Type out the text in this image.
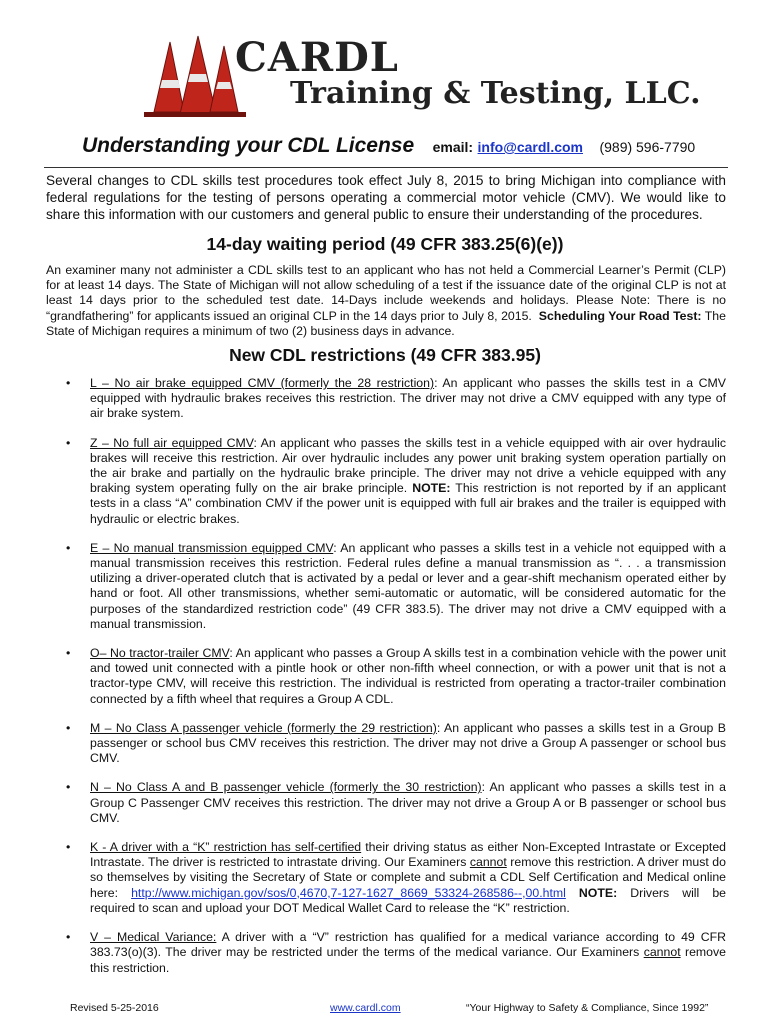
CARDL
Training & Testing, LLC.
Understanding your CDL License email: info@cardl.com (989) 596-7790

Several changes to CDL skills test procedures took effect July 8, 2015 to bring Michigan into compliance with federal regulations for the testing of persons operating a commercial motor vehicle (CMV). We would like to share this information with our customers and general public to ensure their understanding of the procedures.

14-day waiting period (49 CFR 383.25(6)(e))

An examiner many not administer a CDL skills test to an applicant who has not held a Commercial Learner’s Permit (CLP) for at least 14 days. The State of Michigan will not allow scheduling of a test if the issuance date of the original CLP is not at least 14 days prior to the scheduled test date. 14-Days include weekends and holidays. Please Note: There is no “grandfathering” for applicants issued an original CLP in the 14 days prior to July 8, 2015. Scheduling Your Road Test: The State of Michigan requires a minimum of two (2) business days in advance.

New CDL restrictions (49 CFR 383.95)
• L – No air brake equipped CMV (formerly the 28 restriction): An applicant who passes the skills test in a CMV equipped with hydraulic brakes receives this restriction. The driver may not drive a CMV equipped with any type of air brake system.
• Z – No full air equipped CMV: An applicant who passes the skills test in a vehicle equipped with air over hydraulic brakes will receive this restriction. Air over hydraulic includes any power unit braking system operation partially on the air brake and partially on the hydraulic brake principle. The driver may not drive a vehicle equipped with any braking system operating fully on the air brake principle. NOTE: This restriction is not reported by if an applicant tests in a class “A” combination CMV if the power unit is equipped with full air brakes and the trailer is equipped with hydraulic or electric brakes.
• E – No manual transmission equipped CMV: An applicant who passes a skills test in a vehicle not equipped with a manual transmission receives this restriction. Federal rules define a manual transmission as “. . . a transmission utilizing a driver-operated clutch that is activated by a pedal or lever and a gear-shift mechanism operated either by hand or foot. All other transmissions, whether semi-automatic or automatic, will be considered automatic for the purposes of the standardized restriction code” (49 CFR 383.5). The driver may not drive a CMV equipped with a manual transmission.
• O– No tractor-trailer CMV: An applicant who passes a Group A skills test in a combination vehicle with the power unit and towed unit connected with a pintle hook or other non-fifth wheel connection, or with a power unit that is not a tractor-type CMV, will receive this restriction. The individual is restricted from operating a tractor-trailer combination connected by a fifth wheel that requires a Group A CDL.
• M – No Class A passenger vehicle (formerly the 29 restriction): An applicant who passes a skills test in a Group B passenger or school bus CMV receives this restriction. The driver may not drive a Group A passenger or school bus CMV.
• N – No Class A and B passenger vehicle (formerly the 30 restriction): An applicant who passes a skills test in a Group C Passenger CMV receives this restriction. The driver may not drive a Group A or B passenger or school bus CMV.
• K - A driver with a “K” restriction has self-certified their driving status as either Non-Excepted Intrastate or Excepted Intrastate. The driver is restricted to intrastate driving. Our Examiners cannot remove this restriction. A driver must do so themselves by visiting the Secretary of State or complete and submit a CDL Self Certification and Medical online here: http://www.michigan.gov/sos/0,4670,7-127-1627_8669_53324-268586--,00.html NOTE: Drivers will be required to scan and upload your DOT Medical Wallet Card to release the “K” restriction.
• V – Medical Variance: A driver with a “V” restriction has qualified for a medical variance according to 49 CFR 383.73(o)(3). The driver may be restricted under the terms of the medical variance. Our Examiners cannot remove this restriction.
Revised 5-25-2016	www.cardl.com	“Your Highway to Safety & Compliance, Since 1992”
